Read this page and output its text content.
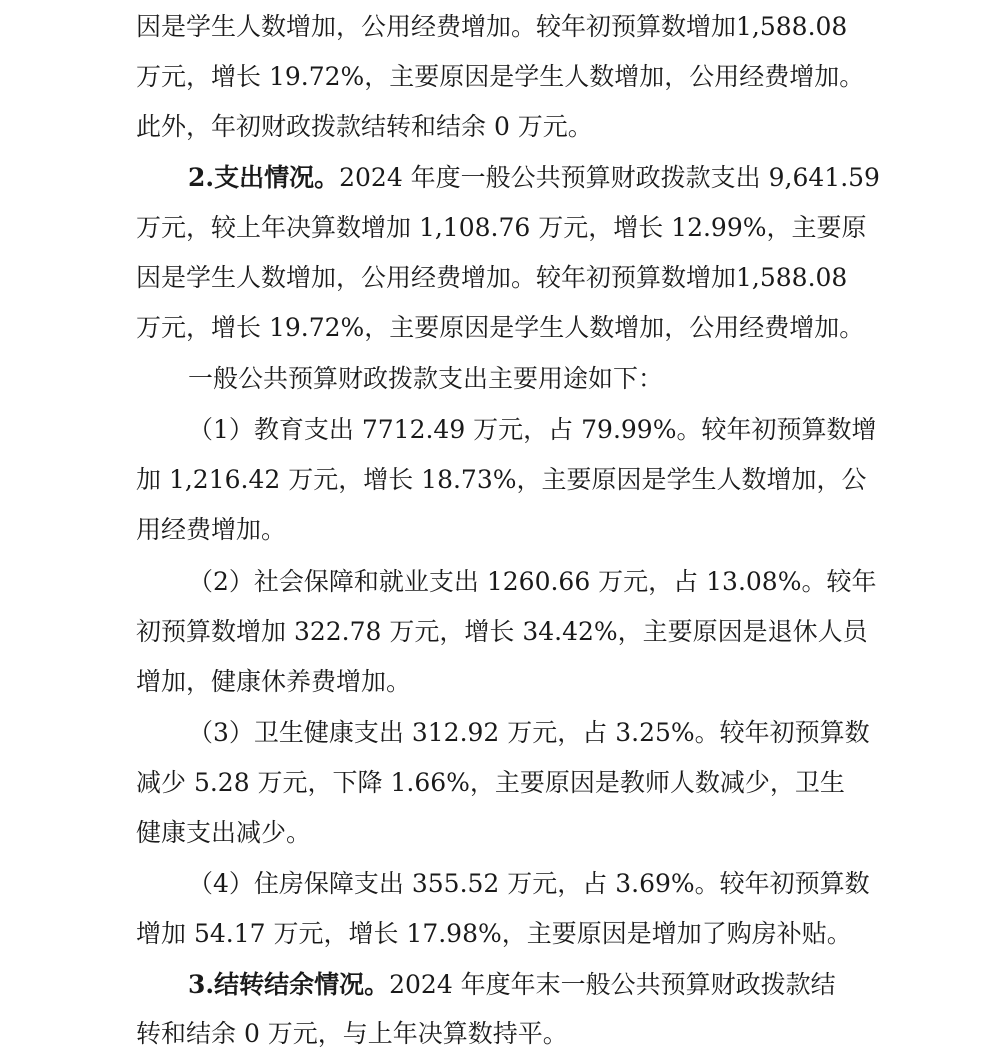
因是学生人数增加，公用经费增加。较年初预算数增加1,588.08
万元，增长 19.72%，主要原因是学生人数增加，公用经费增加。
此外，年初财政拨款结转和结余 0 万元。
2.支出情况。2024 年度一般公共预算财政拨款支出 9,641.59
万元，较上年决算数增加 1,108.76 万元，增长 12.99%，主要原
因是学生人数增加，公用经费增加。较年初预算数增加1,588.08
万元，增长 19.72%，主要原因是学生人数增加，公用经费增加。
一般公共预算财政拨款支出主要用途如下：
（1）教育支出 7712.49 万元，占 79.99%。较年初预算数增
加 1,216.42 万元，增长 18.73%，主要原因是学生人数增加，公
用经费增加。
（2）社会保障和就业支出 1260.66 万元，占 13.08%。较年
初预算数增加 322.78 万元，增长 34.42%，主要原因是退休人员
增加，健康休养费增加。
（3）卫生健康支出 312.92 万元，占 3.25%。较年初预算数
减少 5.28 万元，下降 1.66%，主要原因是教师人数减少，卫生
健康支出减少。
（4）住房保障支出 355.52 万元，占 3.69%。较年初预算数
增加 54.17 万元，增长 17.98%，主要原因是增加了购房补贴。
3.结转结余情况。2024 年度年末一般公共预算财政拨款结
转和结余 0 万元，与上年决算数持平。
